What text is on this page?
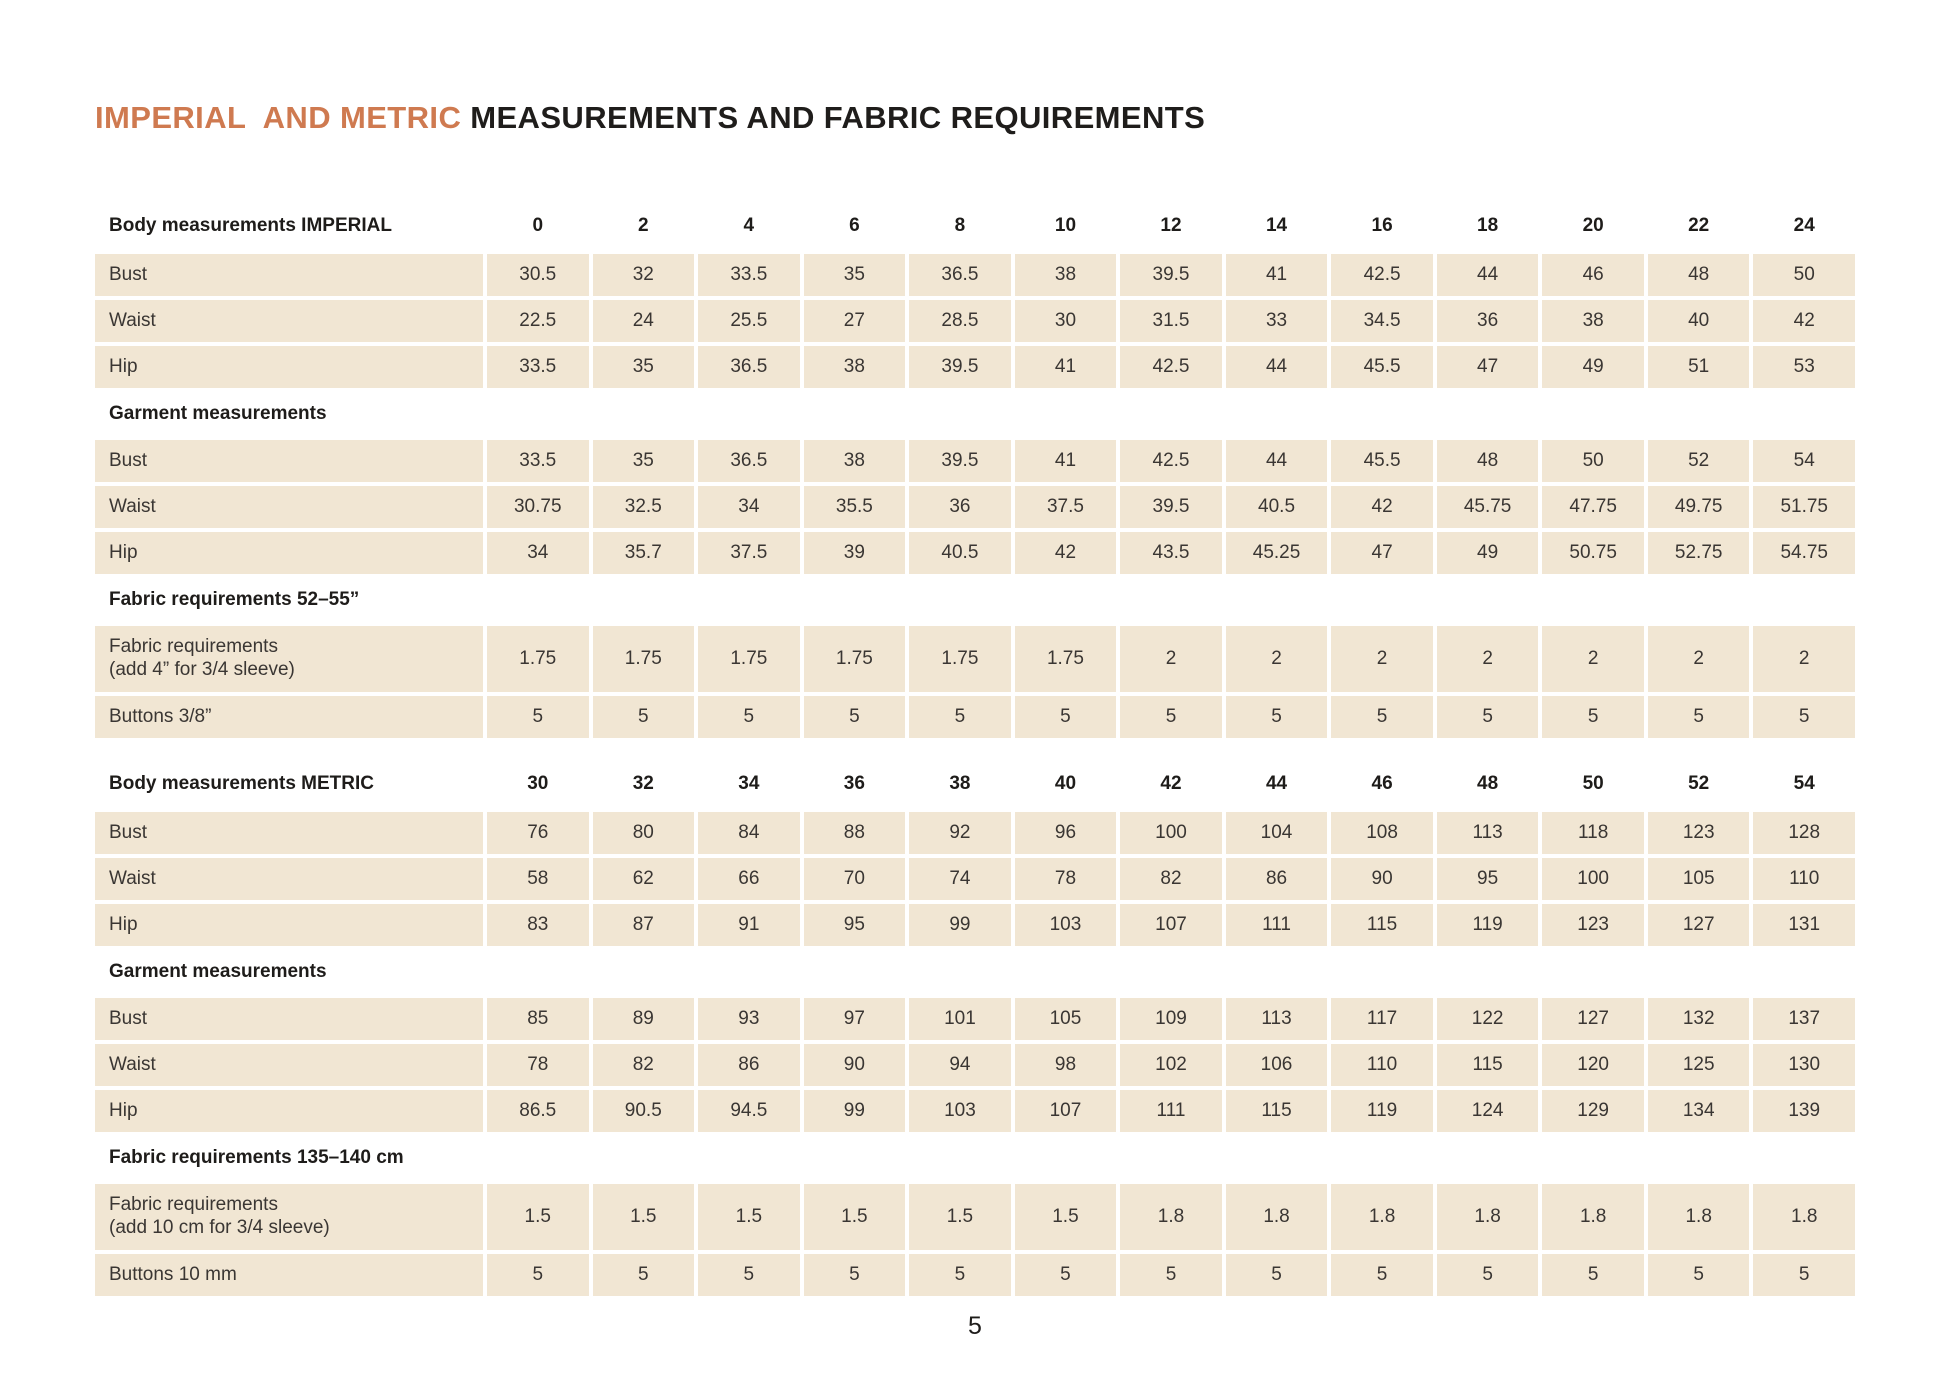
IMPERIAL  AND METRIC MEASUREMENTS AND FABRIC REQUIREMENTS
Body measurements IMPERIAL	0	2	4	6	8	10	12	14	16	18	20	22	24
Bust	30.5	32	33.5	35	36.5	38	39.5	41	42.5	44	46	48	50
Waist	22.5	24	25.5	27	28.5	30	31.5	33	34.5	36	38	40	42
Hip	33.5	35	36.5	38	39.5	41	42.5	44	45.5	47	49	51	53
Garment measurements
Bust	33.5	35	36.5	38	39.5	41	42.5	44	45.5	48	50	52	54
Waist	30.75	32.5	34	35.5	36	37.5	39.5	40.5	42	45.75	47.75	49.75	51.75
Hip	34	35.7	37.5	39	40.5	42	43.5	45.25	47	49	50.75	52.75	54.75
Fabric requirements 52–55”
Fabric requirements
(add 4” for 3/4 sleeve)
1.75	1.75	1.75	1.75	1.75	1.75	2	2	2	2	2	2	2
Buttons 3/8”	5	5	5	5	5	5	5	5	5	5	5	5	5
Body measurements METRIC	30	32	34	36	38	40	42	44	46	48	50	52	54
Bust	76	80	84	88	92	96	100	104	108	113	118	123	128
Waist	58	62	66	70	74	78	82	86	90	95	100	105	110
Hip	83	87	91	95	99	103	107	111	115	119	123	127	131
Garment measurements
Bust	85	89	93	97	101	105	109	113	117	122	127	132	137
Waist	78	82	86	90	94	98	102	106	110	115	120	125	130
Hip	86.5	90.5	94.5	99	103	107	111	115	119	124	129	134	139
Fabric requirements 135–140 cm
Fabric requirements
(add 10 cm for 3/4 sleeve)
1.5	1.5	1.5	1.5	1.5	1.5	1.8	1.8	1.8	1.8	1.8	1.8	1.8
Buttons 10 mm	5	5	5	5	5	5	5	5	5	5	5	5	5
5
